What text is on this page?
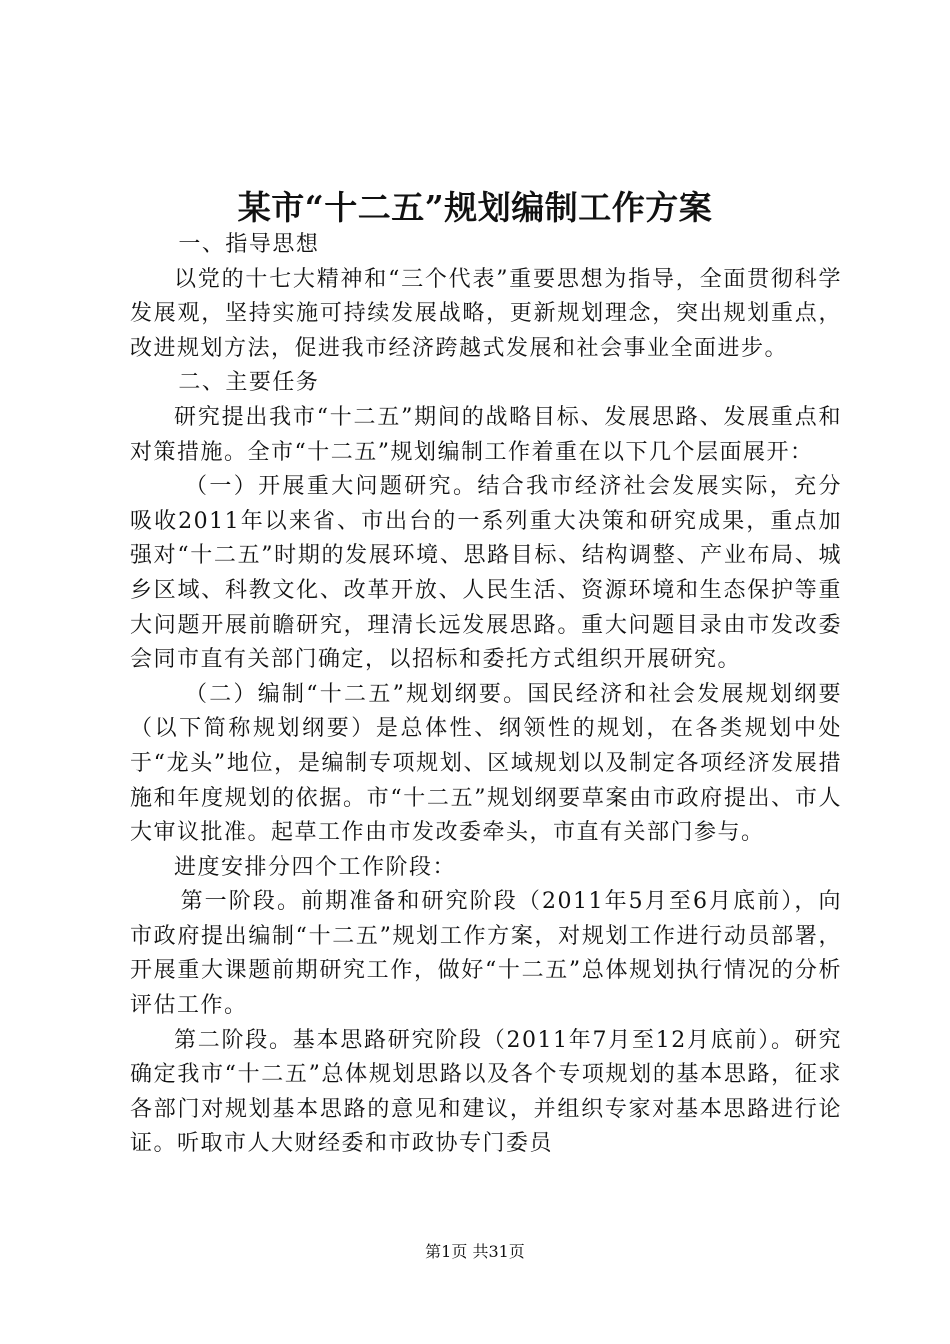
某市“十二五”规划编制工作方案

一、指导思想

以党的十七大精神和“三个代表”重要思想为指导，全面贯彻科学发展观，坚持实施可持续发展战略，更新规划理念，突出规划重点，改进规划方法，促进我市经济跨越式发展和社会事业全面进步。

二、主要任务

研究提出我市“十二五”期间的战略目标、发展思路、发展重点和对策措施。全市“十二五”规划编制工作着重在以下几个层面展开：

（一）开展重大问题研究。结合我市经济社会发展实际，充分吸收2011年以来省、市出台的一系列重大决策和研究成果，重点加强对“十二五”时期的发展环境、思路目标、结构调整、产业布局、城乡区域、科教文化、改革开放、人民生活、资源环境和生态保护等重大问题开展前瞻研究，理清长远发展思路。重大问题目录由市发改委会同市直有关部门确定，以招标和委托方式组织开展研究。

（二）编制“十二五”规划纲要。国民经济和社会发展规划纲要（以下简称规划纲要）是总体性、纲领性的规划，在各类规划中处于“龙头”地位，是编制专项规划、区域规划以及制定各项经济发展措施和年度规划的依据。市“十二五”规划纲要草案由市政府提出、市人大审议批准。起草工作由市发改委牵头，市直有关部门参与。

进度安排分四个工作阶段：

第一阶段。前期准备和研究阶段（2011年5月至6月底前），向市政府提出编制“十二五”规划工作方案，对规划工作进行动员部署，开展重大课题前期研究工作，做好“十二五”总体规划执行情况的分析评估工作。

第二阶段。基本思路研究阶段（2011年7月至12月底前）。研究确定我市“十二五”总体规划思路以及各个专项规划的基本思路，征求各部门对规划基本思路的意见和建议，并组织专家对基本思路进行论证。听取市人大财经委和市政协专门委员

第1页 共31页
